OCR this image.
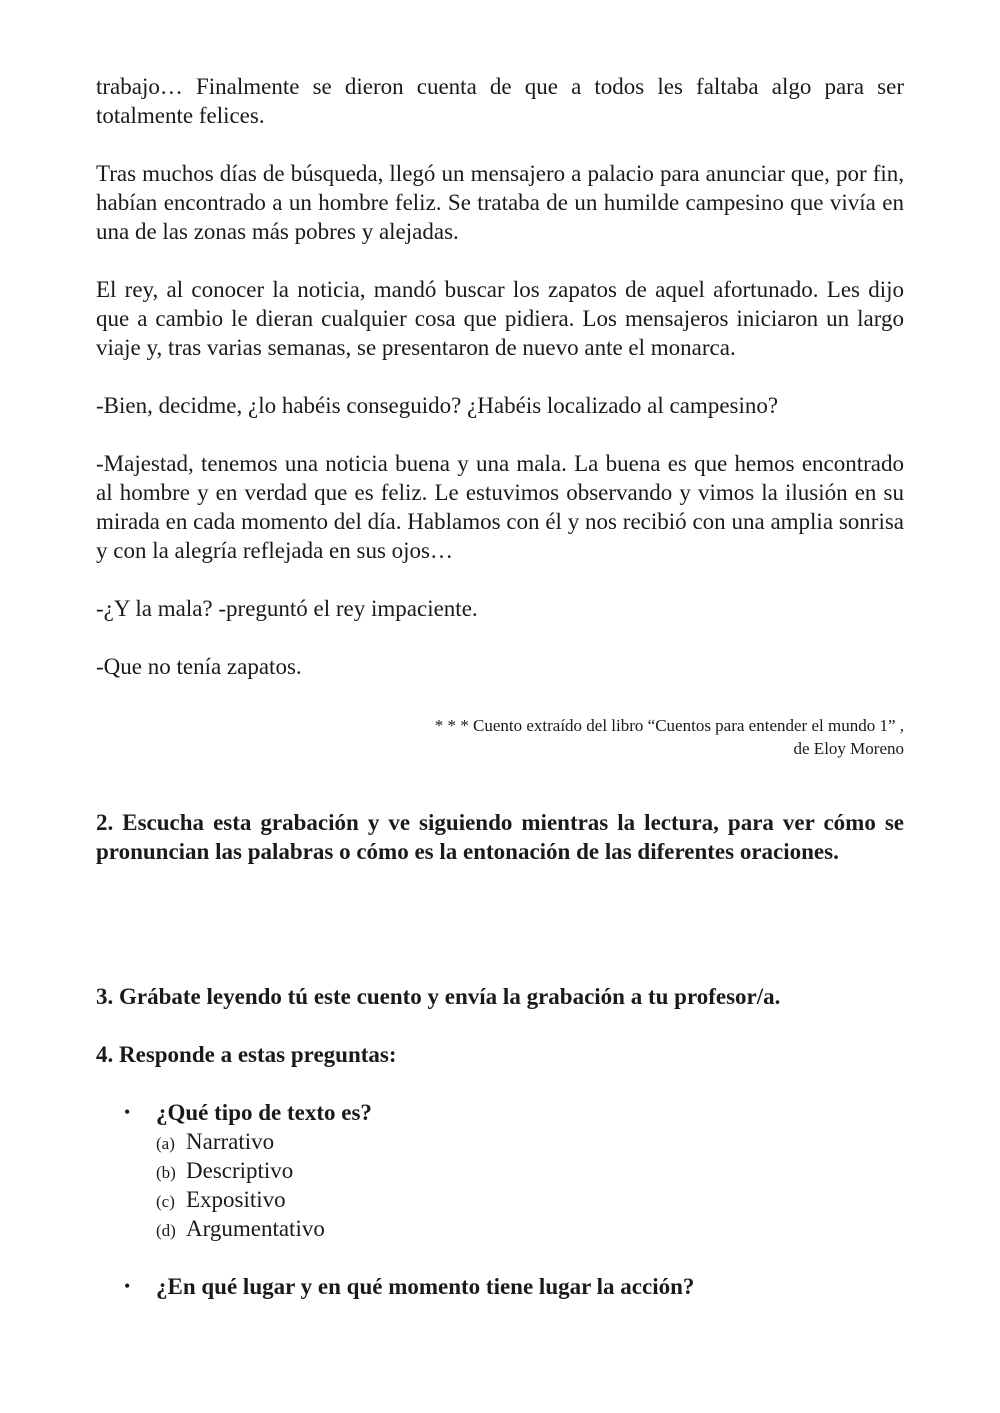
trabajo… Finalmente se dieron cuenta de que a todos les faltaba algo para ser totalmente felices.

Tras muchos días de búsqueda, llegó un mensajero a palacio para anunciar que, por fin, habían encontrado a un hombre feliz. Se trataba de un humilde campesino que vivía en una de las zonas más pobres y alejadas.

El rey, al conocer la noticia, mandó buscar los zapatos de aquel afortunado. Les dijo que a cambio le dieran cualquier cosa que pidiera. Los mensajeros iniciaron un largo viaje y, tras varias semanas, se presentaron de nuevo ante el monarca.

-Bien, decidme, ¿lo habéis conseguido? ¿Habéis localizado al campesino?

-Majestad, tenemos una noticia buena y una mala. La buena es que hemos encontrado al hombre y en verdad que es feliz. Le estuvimos observando y vimos la ilusión en su mirada en cada momento del día. Hablamos con él y nos recibió con una amplia sonrisa y con la alegría reflejada en sus ojos…

-¿Y la mala? -preguntó el rey impaciente.

-Que no tenía zapatos.

* * * Cuento extraído del libro “Cuentos para entender el mundo 1” ,
de Eloy Moreno

2. Escucha esta grabación y ve siguiendo mientras la lectura, para ver cómo se pronuncian las palabras o cómo es la entonación de las diferentes oraciones.

3. Grábate leyendo tú este cuento y envía la grabación a tu profesor/a.

4. Responde a estas preguntas:

• ¿Qué tipo de texto es?
(a) Narrativo
(b) Descriptivo
(c) Expositivo
(d) Argumentativo
• ¿En qué lugar y en qué momento tiene lugar la acción?
